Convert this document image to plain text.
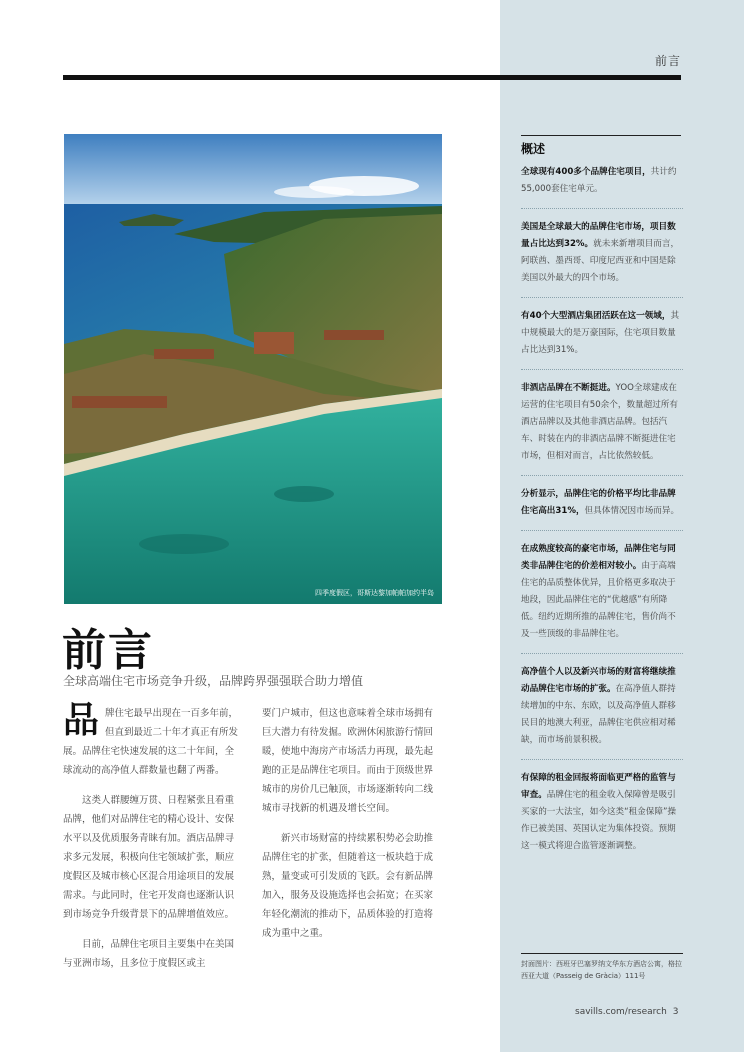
前言
四季度假区，哥斯达黎加帕帕加约半岛
前言
全球高端住宅市场竞争升级，品牌跨界强强联合助力增值

品牌住宅最早出现在一百多年前，但直到最近二十年才真正有所发展。品牌住宅快速发展的这二十年间，全球流动的高净值人群数量也翻了两番。

这类人群腰缠万贯、日程紧张且看重品牌，他们对品牌住宅的精心设计、安保水平以及优质服务青睐有加。酒店品牌寻求多元发展，积极向住宅领域扩张，顺应度假区及城市核心区混合用途项目的发展需求。与此同时，住宅开发商也逐渐认识到市场竞争升级背景下的品牌增值效应。

目前，品牌住宅项目主要集中在美国与亚洲市场，且多位于度假区或主

要门户城市，但这也意味着全球市场拥有巨大潜力有待发掘。欧洲休闲旅游行情回暖，使地中海房产市场活力再现，最先起跑的正是品牌住宅项目。而由于顶级世界城市的房价几已触顶，市场逐渐转向二线城市寻找新的机遇及增长空间。

新兴市场财富的持续累积势必会助推品牌住宅的扩张，但随着这一板块趋于成熟，量变或可引发质的飞跃。会有新品牌加入，服务及设施选择也会拓宽；在买家年轻化潮流的推动下，品质体验的打造将成为重中之重。

概述
全球现有400多个品牌住宅项目，共计约55,000套住宅单元。
美国是全球最大的品牌住宅市场，项目数量占比达到32%。就未来新增项目而言，阿联酋、墨西哥、印度尼西亚和中国是除美国以外最大的四个市场。
有40个大型酒店集团活跃在这一领域，其中规模最大的是万豪国际，住宅项目数量占比达到31%。
非酒店品牌在不断挺进。YOO全球建成在运营的住宅项目有50余个，数量超过所有酒店品牌以及其他非酒店品牌。包括汽车、时装在内的非酒店品牌不断挺进住宅市场，但相对而言，占比依然较低。
分析显示，品牌住宅的价格平均比非品牌住宅高出31%，但具体情况因市场而异。
在成熟度较高的豪宅市场，品牌住宅与同类非品牌住宅的价差相对较小。由于高端住宅的品质整体优异，且价格更多取决于地段，因此品牌住宅的“优越感”有所降低。纽约近期所推的品牌住宅，售价尚不及一些顶级的非品牌住宅。
高净值个人以及新兴市场的财富将继续推动品牌住宅市场的扩张。在高净值人群持续增加的中东、东欧，以及高净值人群移民目的地澳大利亚，品牌住宅供应相对稀缺，而市场前景积极。
有保障的租金回报将面临更严格的监管与审查。品牌住宅的租金收入保障曾是吸引买家的一大法宝，如今这类“租金保障”操作已被美国、英国认定为集体投资。预期这一模式将迎合监管逐渐调整。
封面图片：西班牙巴塞罗纳文华东方酒店公寓，格拉西亚大道（Passeig de Gràcia）111号
savills.com/research 3
